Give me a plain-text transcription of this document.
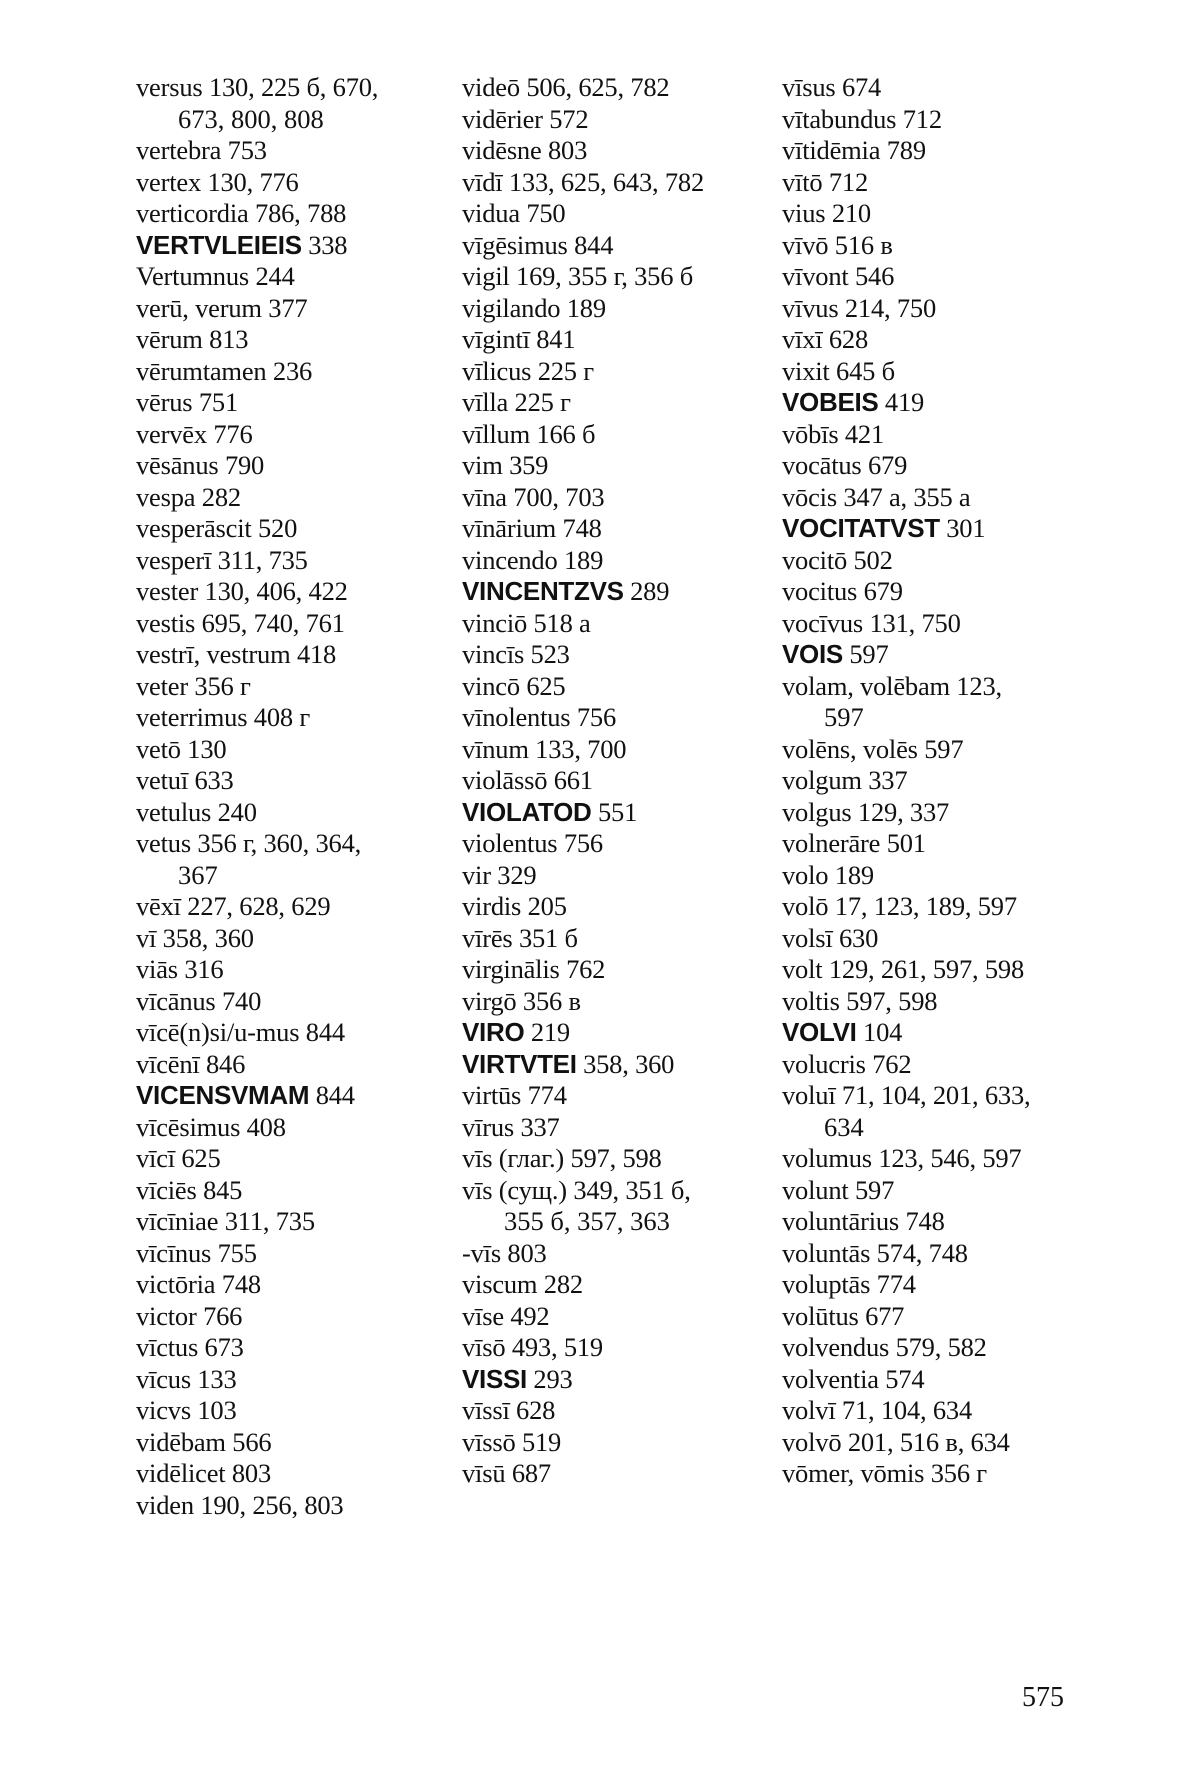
versus 130, 225 б, 670,
673, 800, 808
vertebra 753
vertex 130, 776
verticordia 786, 788
VERTVLEIEIS 338
Vertumnus 244
verū, verum 377
vērum 813
vērumtamen 236
vērus 751
vervēx 776
vēsānus 790
vespa 282
vesperāscit 520
vesperī 311, 735
vester 130, 406, 422
vestis 695, 740, 761
vestrī, vestrum 418
veter 356 г
veterrimus 408 г
vetō 130
vetuī 633
vetulus 240
vetus 356 г, 360, 364,
367
vēxī 227, 628, 629
vī 358, 360
viās 316
vīcānus 740
vīcē(n)si/u-mus 844
vīcēnī 846
VICENSVMAM 844
vīcēsimus 408
vīcī 625
vīciēs 845
vīcīniae 311, 735
vīcīnus 755
victōria 748
victor 766
vīctus 673
vīcus 133
vicvs 103
vidēbam 566
vidēlicet 803
viden 190, 256, 803
videō 506, 625, 782
vidērier 572
vidēsne 803
vīdī 133, 625, 643, 782
vidua 750
vīgēsimus 844
vigil 169, 355 г, 356 б
vigilando 189
vīgintī 841
vīlicus 225 г
vīlla 225 г
vīllum 166 б
vim 359
vīna 700, 703
vīnārium 748
vincendo 189
VINCENTZVS 289
vinciō 518 а
vincīs 523
vincō 625
vīnolentus 756
vīnum 133, 700
violāssō 661
VIOLATOD 551
violentus 756
vir 329
virdis 205
vīrēs 351 б
virginālis 762
virgō 356 в
VIRO 219
VIRTVTEI 358, 360
virtūs 774
vīrus 337
vīs (глаг.) 597, 598
vīs (сущ.) 349, 351 б,
355 б, 357, 363
-vīs 803
viscum 282
vīse 492
vīsō 493, 519
VISSI 293
vīssī 628
vīssō 519
vīsū 687
vīsus 674
vītabundus 712
vītidēmia 789
vītō 712
vius 210
vīvō 516 в
vīvont 546
vīvus 214, 750
vīxī 628
vixit 645 б
VOBEIS 419
vōbīs 421
vocātus 679
vōcis 347 а, 355 а
VOCITATVST 301
vocitō 502
vocitus 679
vocīvus 131, 750
VOIS 597
volam, volēbam 123,
597
volēns, volēs 597
volgum 337
volgus 129, 337
volnerāre 501
volo 189
volō 17, 123, 189, 597
volsī 630
volt 129, 261, 597, 598
voltis 597, 598
VOLVI 104
volucris 762
voluī 71, 104, 201, 633,
634
volumus 123, 546, 597
volunt 597
voluntārius 748
voluntās 574, 748
voluptās 774
volūtus 677
volvendus 579, 582
volventia 574
volvī 71, 104, 634
volvō 201, 516 в, 634
vōmer, vōmis 356 г
575
